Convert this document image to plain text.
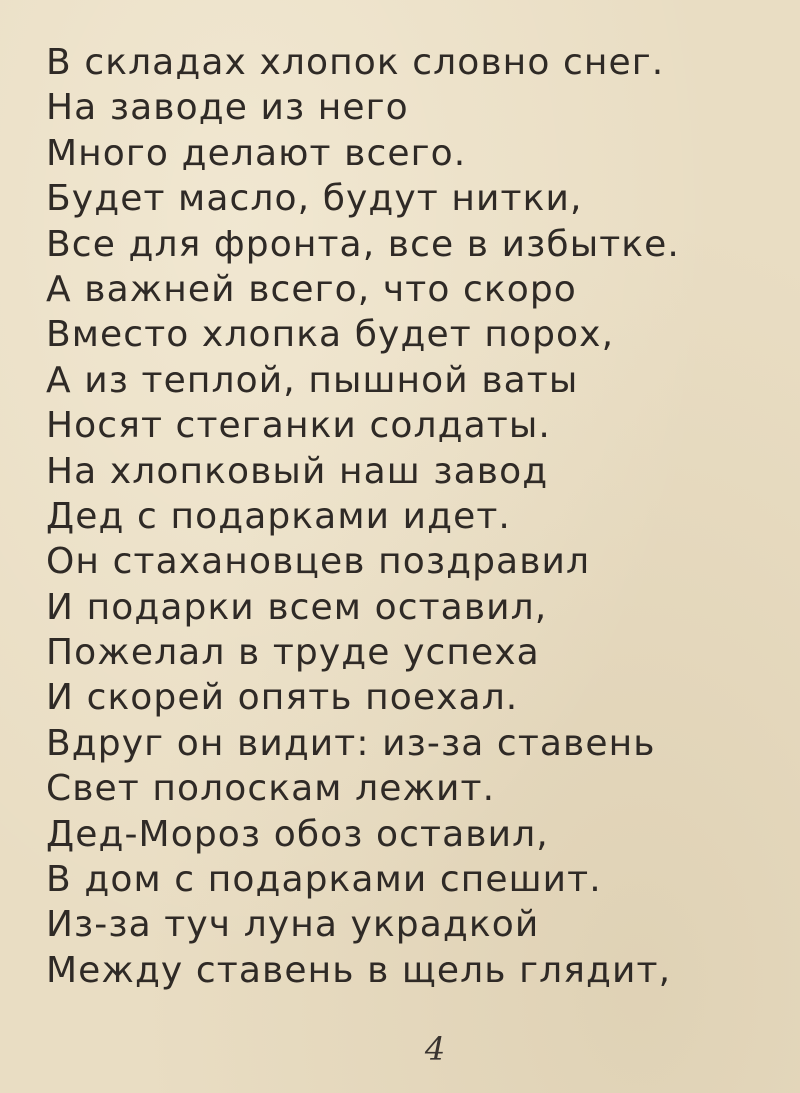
В складах хлопок словно снег.
На заводе из него
Много делают всего.
Будет масло, будут нитки,
Все для фронта, все в избытке.
А важней всего, что скоро
Вместо хлопка будет порох,
А из теплой, пышной ваты
Носят стеганки солдаты.
На хлопковый наш завод
Дед с подарками идет.
Он стахановцев поздравил
И подарки всем оставил,
Пожелал в труде успеха
И скорей опять поехал.
Вдруг он видит: из-за ставень
Свет полоскам лежит.
Дед-Мороз обоз оставил,
В дом с подарками спешит.
Из-за туч луна украдкой
Между ставень в щель глядит,
4
